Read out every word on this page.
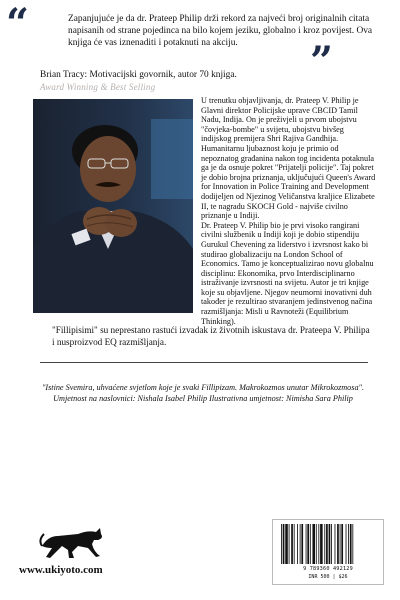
“	Zapanjujuće je da dr. Prateep Philip drži rekord za najveći broj originalnih citata napisanih od strane pojedinca na bilo kojem jeziku, globalno i kroz povijest. Ova knjiga će vas iznenaditi i potaknuti na akciju.	”
Brian Tracy: Motivacijski govornik, autor 70 knjiga.
Award Winning & Best Selling

U trenutku objavljivanja, dr. Prateep V. Philip je Glavni direktor Policijske uprave CBCID Tamil Nadu, Indija. On je preživjeli u prvom ubojstvu "čovjeka-bombe" u svijetu, ubojstvu bivšeg indijskog premijera Shri Rajiva Gandhija. Humanitarnu ljubaznost koju je primio od nepoznatog građanina nakon tog incidenta potaknula ga je da osnuje pokret "Prijatelji policije". Taj pokret je dobio brojna priznanja, uključujući Queen's Award for Innovation in Police Training and Development dodijeljen od Njezinog Veličanstva kraljice Elizabete II, te nagradu SKOCH Gold - najviše civilno priznanje u Indiji.

Dr. Prateep V. Philip bio je prvi visoko rangirani civilni službenik u Indiji koji je dobio stipendiju Gurukul Chevening za liderstvo i izvrsnost kako bi studirao globalizaciju na London School of Economics. Tamo je konceptualizirao novu globalnu disciplinu: Ekonomika, prvo Interdisciplinarno istraživanje izvrsnosti na svijetu. Autor je tri knjige koje su objavljene. Njegov neumorni inovativni duh također je rezultirao stvaranjem jedinstvenog načina razmišljanja: Misli u Ravnoteži (Equilibrium Thinking).

"Fillipisimi" su neprestano rastući izvadak iz životnih iskustava dr. Prateepa V. Philipa i nusproizvod EQ razmišljanja.
"Istine Svemira, uhvaćene svjetlom koje je svaki Fillipizam. Makrokozmos unutar Mikrokozmosa".
Umjetnost na naslovnici: Nishala Isabel Philip Ilustrativna umjetnost: Nimisha Sara Philip
www.ukiyoto.com	9 789360 492129
INR 500 | $26
